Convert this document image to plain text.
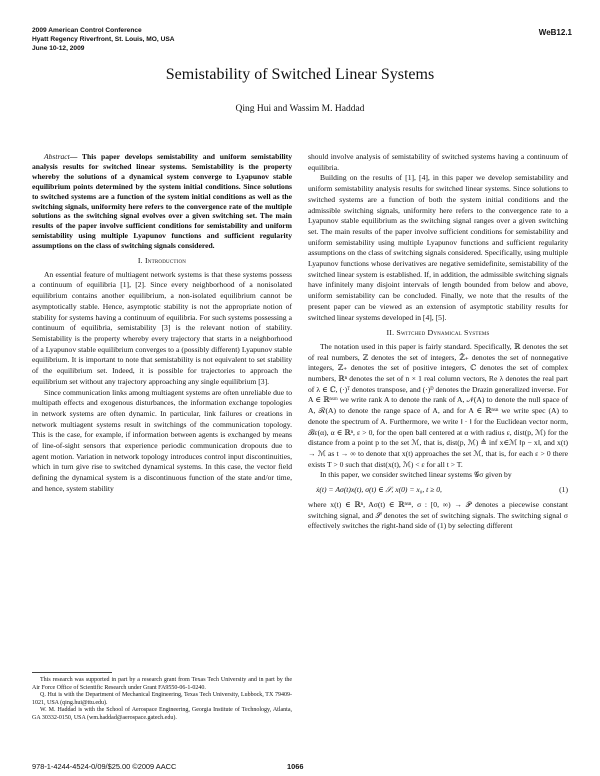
2009 American Control Conference
Hyatt Regency Riverfront, St. Louis, MO, USA
June 10-12, 2009
WeB12.1
Semistability of Switched Linear Systems
Qing Hui and Wassim M. Haddad

Abstract— This paper develops semistability and uniform semistability analysis results for switched linear systems. Semistability is the property whereby the solutions of a dynamical system converge to Lyapunov stable equilibrium points determined by the system initial conditions. Since solutions to switched systems are a function of the system initial conditions as well as the switching signals, uniformity here refers to the convergence rate of the multiple solutions as the switching signal evolves over a given switching set. The main results of the paper involve sufficient conditions for semistability and uniform semistability using multiple Lyapunov functions and sufficient regularity assumptions on the class of switching signals considered.

I. Introduction

An essential feature of multiagent network systems is that these systems possess a continuum of equilibria [1], [2]. Since every neighborhood of a nonisolated equilibrium contains another equilibrium, a non-isolated equilibrium cannot be asymptotically stable. Hence, asymptotic stability is not the appropriate notion of stability for systems having a continuum of equilibria. For such systems possessing a continuum of equilibria, semistability [3] is the relevant notion of stability. Semistability is the property whereby every trajectory that starts in a neighborhood of a Lyapunov stable equilibrium converges to a (possibly different) Lyapunov stable equilibrium. It is important to note that semistability is not equivalent to set stability of the equilibrium set. Indeed, it is possible for trajectories to approach the equilibrium set without any trajectory approaching any single equilibrium [3].

Since communication links among multiagent systems are often unreliable due to multipath effects and exogenous disturbances, the information exchange topologies in network systems are often dynamic. In particular, link failures or creations in network multiagent systems result in switchings of the communication topology. This is the case, for example, if information between agents is exchanged by means of line-of-sight sensors that experience periodic communication dropouts due to agent motion. Variation in network topology introduces control input discontinuities, which in turn give rise to switched dynamical systems. In this case, the vector field defining the dynamical system is a discontinuous function of the state and/or time, and hence, system stability

This research was supported in part by a research grant from Texas Tech University and in part by the Air Force Office of Scientific Research under Grant FA9550-06-1-0240.

Q. Hui is with the Department of Mechanical Engineering, Texas Tech University, Lubbock, TX 79409-1021, USA (qing.hui@ttu.edu).

W. M. Haddad is with the School of Aerospace Engineering, Georgia Institute of Technology, Atlanta, GA 30332-0150, USA (wm.haddad@aerospace.gatech.edu).

should involve analysis of semistability of switched systems having a continuum of equilibria.

Building on the results of [1], [4], in this paper we develop semistability and uniform semistability analysis results for switched linear systems. Since solutions to switched systems are a function of both the system initial conditions and the admissible switching signals, uniformity here refers to the convergence rate to a Lyapunov stable equilibrium as the switching signal ranges over a given switching set. The main results of the paper involve sufficient conditions for semistability and uniform semistability using multiple Lyapunov functions and sufficient regularity assumptions on the class of switching signals considered. Specifically, using multiple Lyapunov functions whose derivatives are negative semidefinite, semistability of the switched linear system is established. If, in addition, the admissible switching signals have infinitely many disjoint intervals of length bounded from below and above, uniform semistability can be concluded. Finally, we note that the results of the present paper can be viewed as an extension of asymptotic stability results for switched linear systems developed in [4], [5].

II. Switched Dynamical Systems

The notation used in this paper is fairly standard. Specifically, ℝ denotes the set of real numbers, ℤ denotes the set of integers, ℤ̄₊ denotes the set of nonnegative integers, ℤ₊ denotes the set of positive integers, ℂ denotes the set of complex numbers, ℝⁿ denotes the set of n × 1 real column vectors, Re λ denotes the real part of λ ∈ ℂ, (·)ᵀ denotes transpose, and (·)ᴰ denotes the Drazin generalized inverse. For A ∈ ℝⁿˣᵐ we write rank A to denote the rank of A, 𝒩(A) to denote the null space of A, ℛ(A) to denote the range space of A, and for A ∈ ℝⁿˣⁿ we write spec (A) to denote the spectrum of A. Furthermore, we write ‖ · ‖ for the Euclidean vector norm, ℬε(α), α ∈ ℝⁿ, ε > 0, for the open ball centered at α with radius ε, dist(p, ℳ) for the distance from a point p to the set ℳ, that is, dist(p, ℳ) ≜ inf x∈ℳ ‖p − x‖, and x(t) → ℳ as t → ∞ to denote that x(t) approaches the set ℳ, that is, for each ε > 0 there exists T > 0 such that dist(x(t), ℳ) < ε for all t > T.

In this paper, we consider switched linear systems 𝒢σ given by

ẋ(t) = Aσ(t)x(t), σ(t) ∈ 𝒮, x(0) = x₀, t ≥ 0,	(1)

where x(t) ∈ ℝⁿ, Aσ(t) ∈ ℝⁿˣⁿ, σ : [0, ∞) → 𝒫 denotes a piecewise constant switching signal, and 𝒮 denotes the set of switching signals. The switching signal σ effectively switches the right-hand side of (1) by selecting different

978-1-4244-4524-0/09/$25.00 ©2009 AACC	1066
